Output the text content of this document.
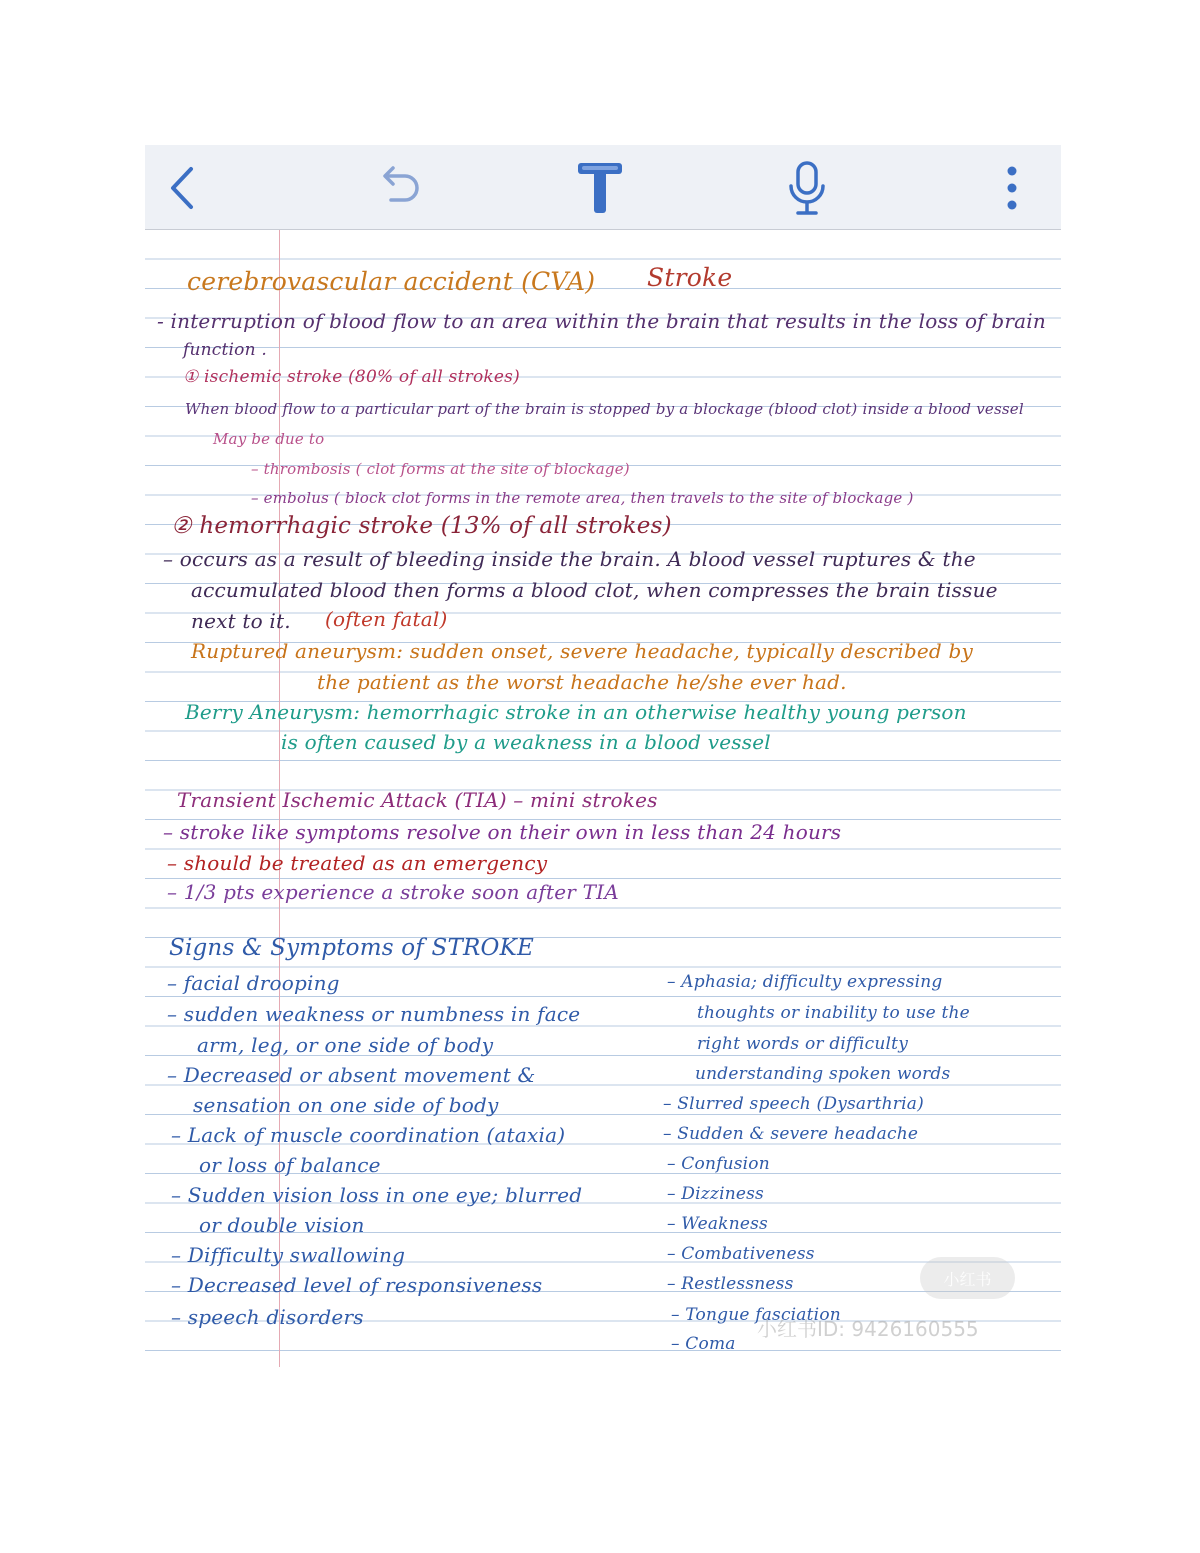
cerebrovascular accident (CVA) Stroke
- interruption of blood flow to an area within the brain that results in the loss of brain
function .
① ischemic stroke (80% of all strokes)
When blood flow to a particular part of the brain is stopped by a blockage (blood clot) inside a blood vessel
May be due to
– thrombosis ( clot forms at the site of blockage)
– embolus ( block clot forms in the remote area, then travels to the site of blockage )
② hemorrhagic stroke (13% of all strokes)
– occurs as a result of bleeding inside the brain. A blood vessel ruptures & the
accumulated blood then forms a blood clot, when compresses the brain tissue
next to it. (often fatal)
Ruptured aneurysm: sudden onset, severe headache, typically described by
the patient as the worst headache he/she ever had.
Berry Aneurysm: hemorrhagic stroke in an otherwise healthy young person
is often caused by a weakness in a blood vessel
Transient Ischemic Attack (TIA) – mini strokes
– stroke like symptoms resolve on their own in less than 24 hours
– should be treated as an emergency
– 1/3 pts experience a stroke soon after TIA
Signs & Symptoms of STROKE
– facial drooping
– sudden weakness or numbness in face
arm, leg, or one side of body
– Decreased or absent movement &
sensation on one side of body
– Lack of muscle coordination (ataxia)
or loss of balance
– Sudden vision loss in one eye; blurred
or double vision
– Difficulty swallowing
– Decreased level of responsiveness
– speech disorders
– Aphasia; difficulty expressing
thoughts or inability to use the
right words or difficulty
understanding spoken words
– Slurred speech (Dysarthria)
– Sudden & severe headache
– Confusion
– Dizziness
– Weakness
– Combativeness
– Restlessness
– Tongue fasciation
– Coma
小红书
小红书ID: 9426160555
